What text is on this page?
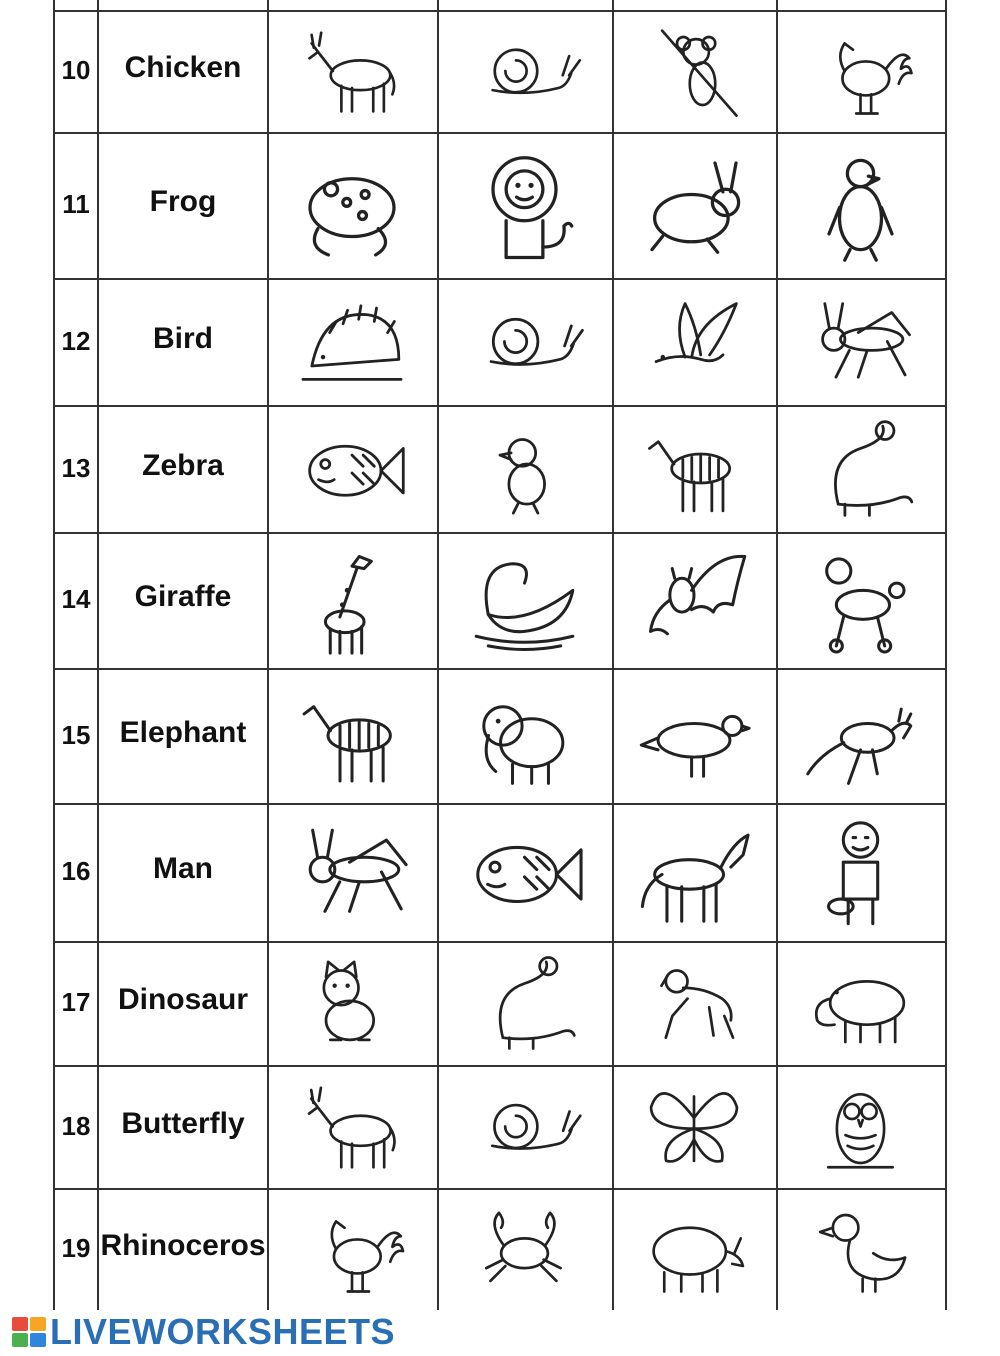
10	Chicken
11	Frog
12	Bird
13	Zebra
14	Giraffe
15 Elephant
16	Man
17 Dinosaur
18	Butterfly
19 Rhinoceros
LIVEWORKSHEETS
